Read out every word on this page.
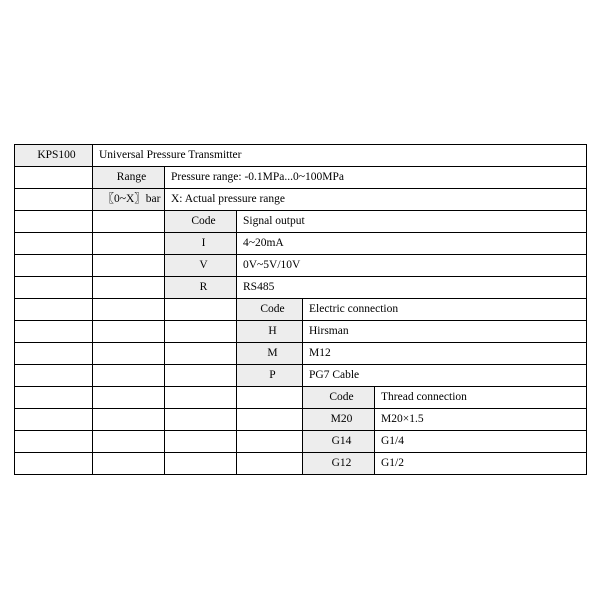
KPS100	Universal Pressure Transmitter				
	Range	Pressure range: -0.1MPa...0~100MPa			
	〖0~X〗bar	X: Actual pressure range			
		Code	Signal output		
		I	4~20mA		
		V	0V~5V/10V		
		R	RS485		
			Code	Electric connection	
			H	Hirsman	
			M	M12	
			P	PG7 Cable	
				Code	Thread connection
				M20	M20×1.5
				G14	G1/4
				G12	G1/2
